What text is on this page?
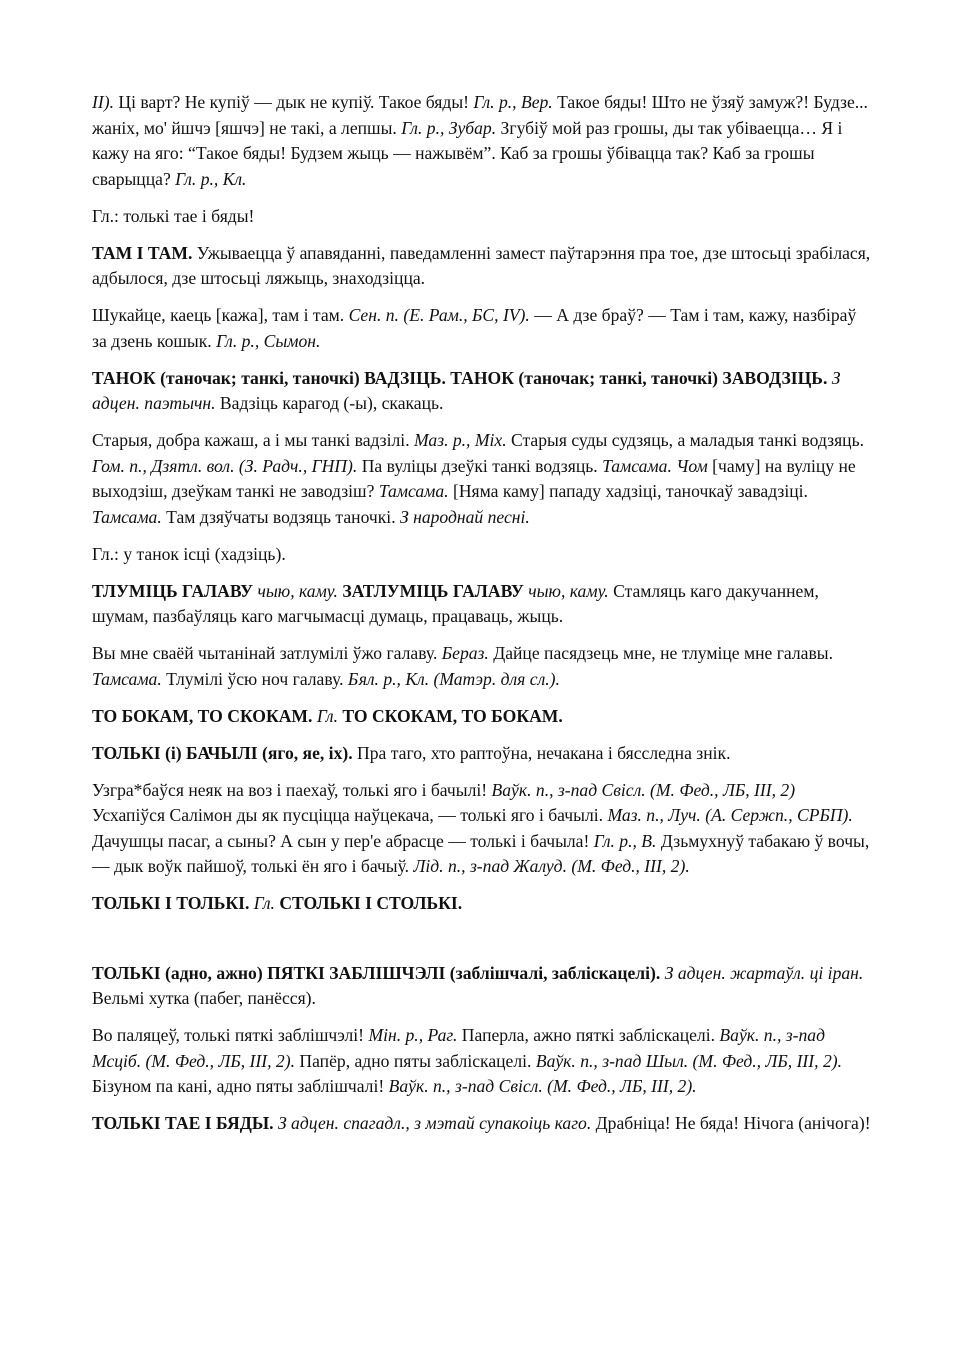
II). Ці варт? Не купіў — дык не купіў. Такое бяды! Гл. р., Вер. Такое бяды! Што не ўзяў замуж?! Будзе... жаніх, мо' йшчэ [яшчэ] не такі, а лепшы. Гл. р., Зубар. Згубіў мой раз грошы, ды так убіваецца… Я і кажу на яго: “Такое бяды! Будзем жыць — нажывём”. Каб за грошы ўбівацца так? Каб за грошы сварыцца? Гл. р., Кл.

Гл.: толькі тае і бяды!

ТАМ І ТАМ. Ужываецца ў апавяданні, паведамленні замест паўтарэння пра тое, дзе штосьці зрабілася, адбылося, дзе штосьці ляжыць, знаходзіцца.

Шукайце, каець [кажа], там і там. Сен. п. (Е. Рам., БС, IV). — А дзе браў? — Там і там, кажу, назбіраў за дзень кошык. Гл. р., Сымон.

ТАНОК (таночак; танкі, таночкі) ВАДЗІЦЬ. ТАНОК (таночак; танкі, таночкі) ЗАВОДЗІЦЬ. З адцен. паэтычн. Вадзіць карагод (-ы), скакаць.

Старыя, добра кажаш, а і мы танкі вадзілі. Маз. р., Міх. Старыя суды судзяць, а маладыя танкі водзяць. Гом. п., Дзятл. вол. (З. Радч., ГНП). Па вуліцы дзеўкі танкі водзяць. Тамсама. Чом [чаму] на вуліцу не выходзіш, дзеўкам танкі не заводзіш? Тамсама. [Няма каму] пападу хадзіці, таночкаў завадзіці. Тамсама. Там дзяўчаты водзяць таночкі. З народнай песні.

Гл.: у танок ісці (хадзіць).

ТЛУМІЦЬ ГАЛАВУ чыю, каму. ЗАТЛУМІЦЬ ГАЛАВУ чыю, каму. Стамляць каго дакучаннем, шумам, пазбаўляць каго магчымасці думаць, працаваць, жыць.

Вы мне сваёй чытанінай затлумілі ўжо галаву. Бераз. Дайце пасядзець мне, не тлуміце мне галавы. Тамсама. Тлумілі ўсю ноч галаву. Бял. р., Кл. (Матэр. для сл.).

ТО БОКАМ, ТО СКОКАМ. Гл. ТО СКОКАМ, ТО БОКАМ.

ТОЛЬКІ (і) БАЧЫЛІ (яго, яе, іх). Пра таго, хто раптоўна, нечакана і бясследна знік.

Узгра*баўся неяк на воз і паехаў, толькі яго і бачылі! Ваўк. п., з-пад Свісл. (М. Фед., ЛБ, III, 2) Усхапіўся Салімон ды як пусціцца наўцекача, — толькі яго і бачылі. Маз. п., Луч. (А. Сержп., СРБП). Дачушцы пасаг, а сыны? А сын у пер'е абрасце — толькі і бачыла! Гл. р., В. Дзьмухнуў табакаю ў вочы, — дык воўк пайшоў, толькі ён яго і бачыў. Лід. п., з-пад Жалуд. (М. Фед., III, 2).

ТОЛЬКІ І ТОЛЬКІ. Гл. СТОЛЬКІ І СТОЛЬКІ.

ТОЛЬКІ (адно, ажно) ПЯТКІ ЗАБЛІШЧЭЛІ (заблішчалі, забліскацелі). З адцен. жартаўл. ці іран. Вельмі хутка (пабег, панёсся).

Во паляцеў, толькі пяткі заблішчэлі! Мін. р., Раг. Паперла, ажно пяткі забліскацелі. Ваўк. п., з-пад Мсціб. (М. Фед., ЛБ, III, 2). Папёр, адно пяты забліскацелі. Ваўк. п., з-пад Шыл. (М. Фед., ЛБ, III, 2). Бізуном па кані, адно пяты заблішчалі! Ваўк. п., з-пад Свісл. (М. Фед., ЛБ, III, 2).

ТОЛЬКІ ТАЕ І БЯДЫ. З адцен. спагадл., з мэтай супакоіць каго. Драбніца! Не бяда! Нічога (анічога)!
